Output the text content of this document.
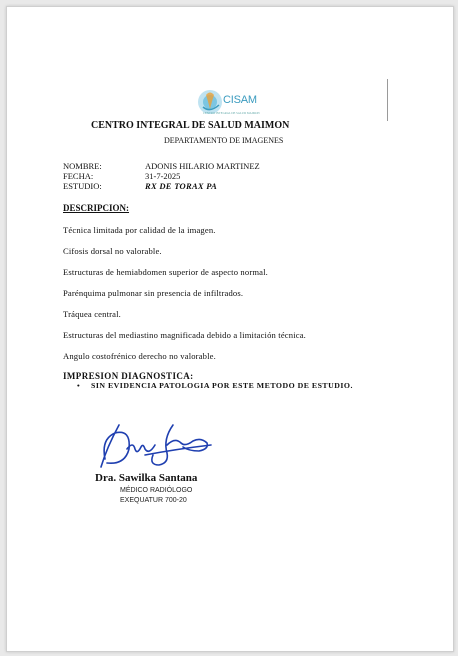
CISAM
CENTRO INTEGRAL DE SALUD MAIMON
CENTRO INTEGRAL DE SALUD MAIMON
DEPARTAMENTO DE IMAGENES
NOMBRE:	ADONIS HILARIO MARTINEZ
FECHA:	31-7-2025
ESTUDIO:	RX DE TORAX PA
DESCRIPCION:
Técnica limitada por calidad de la imagen.
Cifosis dorsal no valorable.
Estructuras de hemiabdomen superior de aspecto normal.
Parénquima pulmonar sin presencia de infiltrados.
Tráquea central.
Estructuras del mediastino magnificada debido a limitación técnica.
Angulo costofrénico derecho no valorable.
IMPRESION DIAGNOSTICA:
• SIN EVIDENCIA PATOLOGIA POR ESTE METODO DE ESTUDIO.
Dra. Sawilka Santana
MÉDICO RADIÓLOGO
EXEQUATUR 700-20
